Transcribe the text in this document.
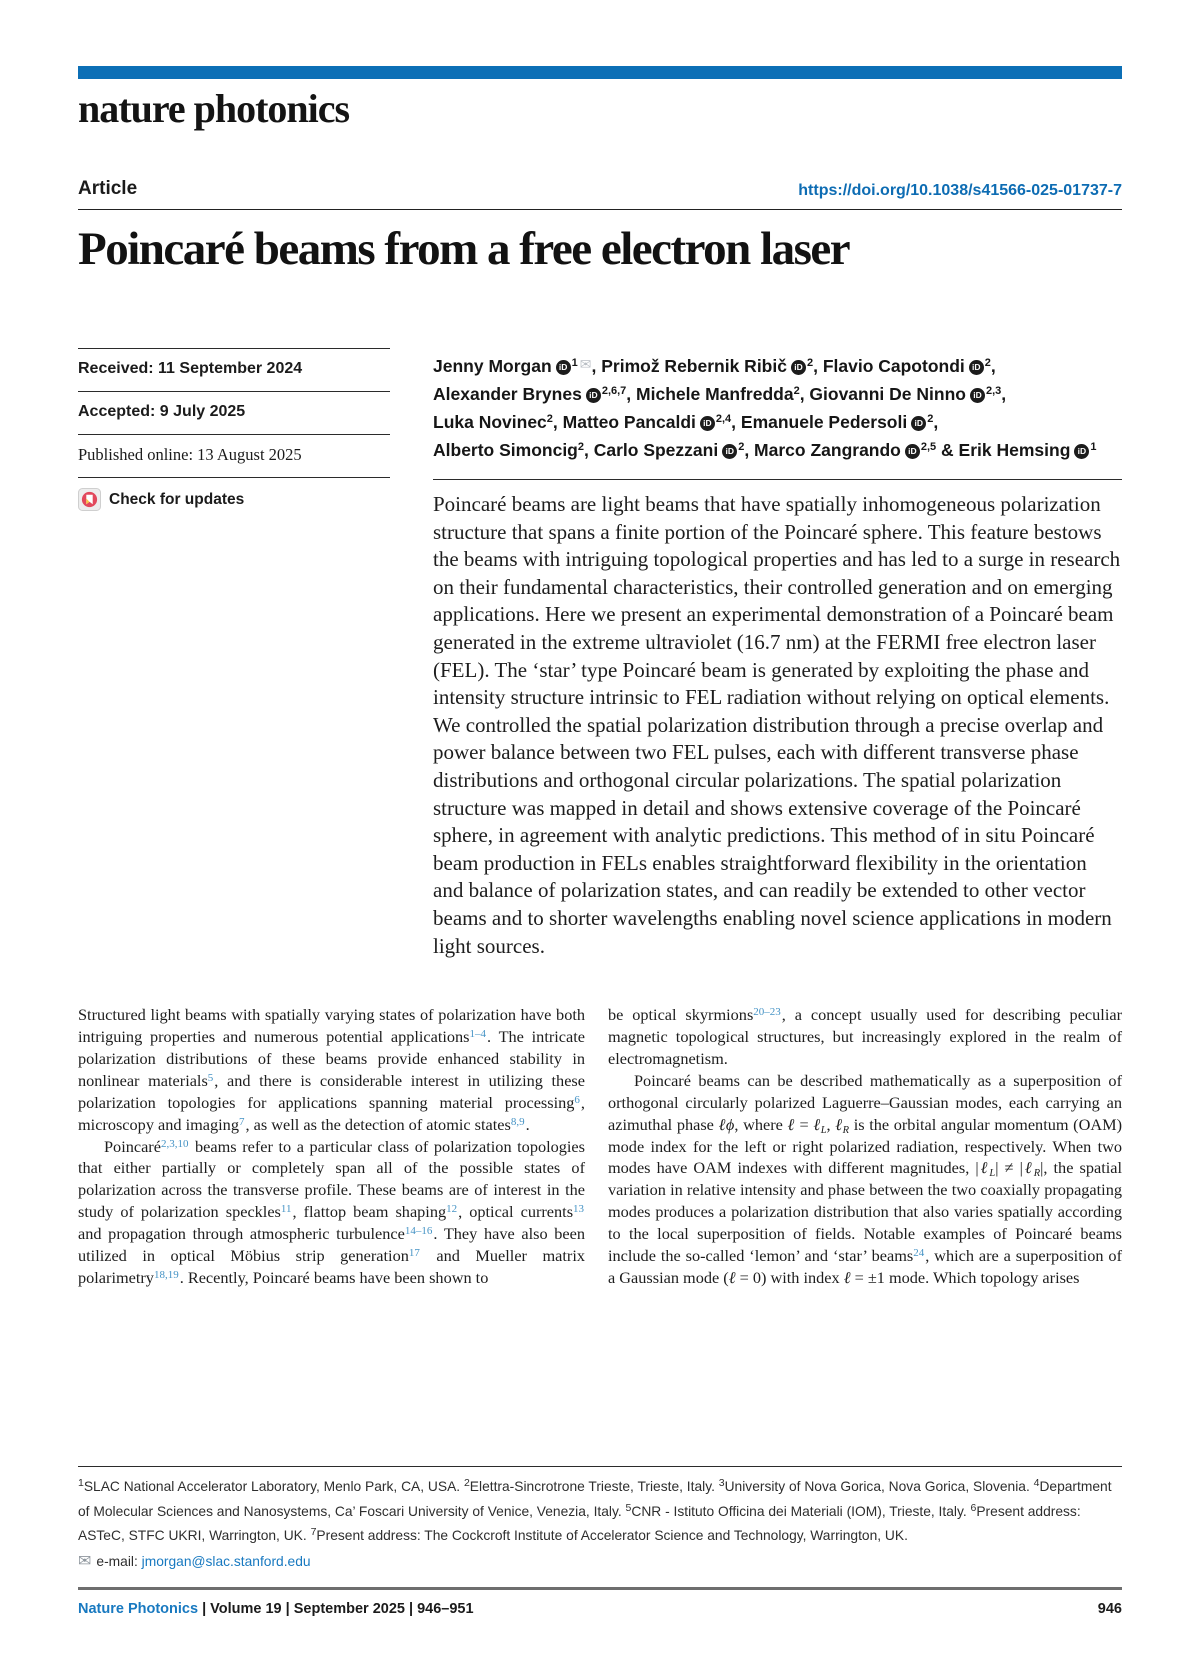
nature photonics
Article	https://doi.org/10.1038/s41566-025-01737-7
Poincaré beams from a free electron laser
Received: 11 September 2024
Accepted: 9 July 2025
Published online: 13 August 2025
Check for updates
Jenny Morgan iD $^1$ ✉, Primož Rebernik Ribič iD $^2$, Flavio Capotondi iD $^2$,
Alexander Brynes iD $^{2,6,7}$, Michele Manfredda$^2$, Giovanni De Ninno iD $^{2,3}$,
Luka Novinec$^2$, Matteo Pancaldi iD $^{2,4}$, Emanuele Pedersoli iD $^2$,
Alberto Simoncig$^2$, Carlo Spezzani iD $^2$, Marco Zangrando iD $^{2,5}$ & Erik Hemsing iD $^1$

Poincaré beams are light beams that have spatially inhomogeneous polarization structure that spans a finite portion of the Poincaré sphere. This feature bestows the beams with intriguing topological properties and has led to a surge in research on their fundamental characteristics, their controlled generation and on emerging applications. Here we present an experimental demonstration of a Poincaré beam generated in the extreme ultraviolet (16.7 nm) at the FERMI free electron laser (FEL). The ‘star’ type Poincaré beam is generated by exploiting the phase and intensity structure intrinsic to FEL radiation without relying on optical elements. We controlled the spatial polarization distribution through a precise overlap and power balance between two FEL pulses, each with different transverse phase distributions and orthogonal circular polarizations. The spatial polarization structure was mapped in detail and shows extensive coverage of the Poincaré sphere, in agreement with analytic predictions. This method of in situ Poincaré beam production in FELs enables straightforward flexibility in the orientation and balance of polarization states, and can readily be extended to other vector beams and to shorter wavelengths enabling novel science applications in modern light sources.

Structured light beams with spatially varying states of polarization have both intriguing properties and numerous potential applications$^{1-4}$. The intricate polarization distributions of these beams provide enhanced stability in nonlinear materials$^5$, and there is considerable interest in utilizing these polarization topologies for applications spanning material processing$^6$, microscopy and imaging$^7$, as well as the detection of atomic states$^{8,9}$.

Poincaré$^{2,3,10}$ beams refer to a particular class of polarization topologies that either partially or completely span all of the possible states of polarization across the transverse profile. These beams are of interest in the study of polarization speckles$^{11}$, flattop beam shaping$^{12}$, optical currents$^{13}$ and propagation through atmospheric turbulence$^{14-16}$. They have also been utilized in optical Möbius strip generation$^{17}$ and Mueller matrix polarimetry$^{18,19}$. Recently, Poincaré beams have been shown to

be optical skyrmions$^{20-23}$, a concept usually used for describing peculiar magnetic topological structures, but increasingly explored in the realm of electromagnetism.

Poincaré beams can be described mathematically as a superposition of orthogonal circularly polarized Laguerre–Gaussian modes, each carrying an azimuthal phase ℓϕ, where ℓ = ℓL, ℓR is the orbital angular momentum (OAM) mode index for the left or right polarized radiation, respectively. When two modes have OAM indexes with different magnitudes, |ℓL| ≠ |ℓR|, the spatial variation in relative intensity and phase between the two coaxially propagating modes produces a polarization distribution that also varies spatially according to the local superposition of fields. Notable examples of Poincaré beams include the so-called ‘lemon’ and ‘star’ beams$^{24}$, which are a superposition of a Gaussian mode (ℓ = 0) with index ℓ = ±1 mode. Which topology arises

$^1$SLAC National Accelerator Laboratory, Menlo Park, CA, USA. $^2$Elettra-Sincrotrone Trieste, Trieste, Italy. $^3$University of Nova Gorica, Nova Gorica, Slovenia. $^4$Department of Molecular Sciences and Nanosystems, Ca’ Foscari University of Venice, Venezia, Italy. $^5$CNR - Istituto Officina dei Materiali (IOM), Trieste, Italy. $^6$Present address: ASTeC, STFC UKRI, Warrington, UK. $^7$Present address: The Cockcroft Institute of Accelerator Science and Technology, Warrington, UK.
✉ e-mail: jmorgan@slac.stanford.edu
Nature Photonics | Volume 19 | September 2025 | 946–951	946
